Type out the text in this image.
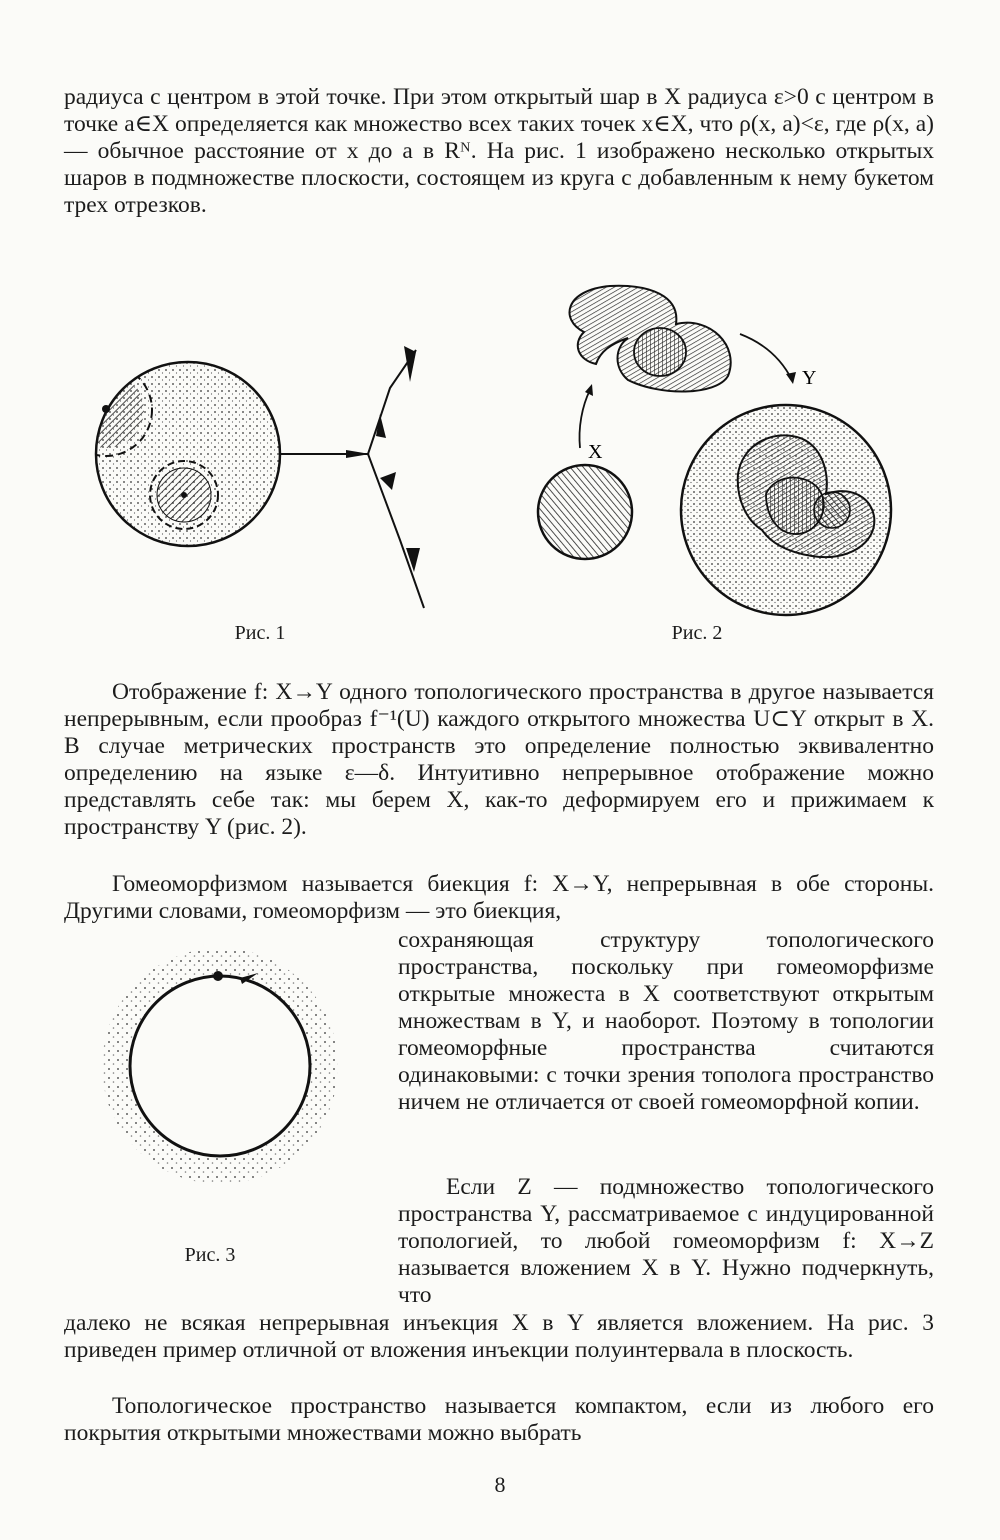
радиуса с центром в этой точке. При этом открытый шар в X радиуса ε>0 с центром в точке a∈X определяется как множество всех таких точек x∈X, что ρ(x, a)<ε, где ρ(x, a) — обычное расстояние от x до a в Rᴺ. На рис. 1 изображено несколько открытых шаров в подмножестве плоскости, состоящем из круга с добавленным к нему букетом трех отрезков.
Y
X
Рис. 1	Рис. 2
Отображение f: X→Y одного топологического пространства в другое называется непрерывным, если прообраз f⁻¹(U) каждого открытого множества U⊂Y открыт в X. В случае метрических пространств это определение полностью эквивалентно определению на языке ε—δ. Интуитивно непрерывное отображение можно представлять себе так: мы берем X, как-то деформируем его и прижимаем к пространству Y (рис. 2).
Гомеоморфизмом называется биекция f: X→Y, непрерывная в обе стороны. Другими словами, гомеоморфизм — это биекция,
Рис. 3
сохраняющая структуру топологического пространства, поскольку при гомеоморфизме открытые множеста в X соответствуют открытым множествам в Y, и наоборот. Поэтому в топологии гомеоморфные пространства считаются одинаковыми: с точки зрения тополога пространство ничем не отличается от своей гомеоморфной копии.
Если Z — подмножество топологического пространства Y, рассматриваемое с индуцированной топологией, то любой гомеоморфизм f: X→Z называется вложением X в Y. Нужно подчеркнуть, что
далеко не всякая непрерывная инъекция X в Y является вложением. На рис. 3 приведен пример отличной от вложения инъекции полуинтервала в плоскость.
Топологическое пространство называется компактом, если из любого его покрытия открытыми множествами можно выбрать
8
